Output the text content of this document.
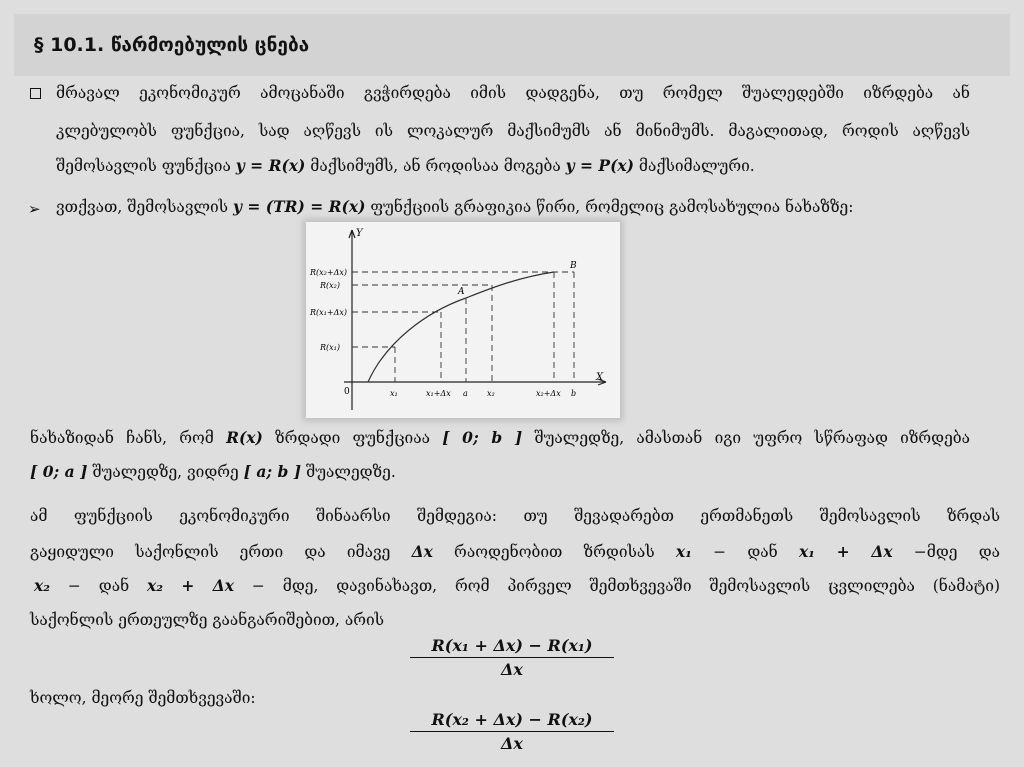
§ 10.1. წარმოებულის ცნება
მრავალ ეკონომიკურ ამოცანაში გვჭირდება იმის დადგენა, თუ რომელ შუალედებში იზრდება ან
კლებულობს ფუნქცია, სად აღწევს ის ლოკალურ მაქსიმუმს ან მინიმუმს. მაგალითად, როდის აღწევს
შემოსავლის ფუნქცია y = R(x) მაქსიმუმს, ან როდისაა მოგება y = P(x) მაქსიმალური.
➢ ვთქვათ, შემოსავლის y = (TR) = R(x) ფუნქციის გრაფიკია წირი, რომელიც გამოსახულია ნახაზზე:
Y
X
0
R(x₂+Δx)
R(x₂)
R(x₁+Δx)
R(x₁)
x₁	x₁+Δx a x₂	x₂+Δx b
A
B
ნახაზიდან ჩანს, რომ R(x) ზრდადი ფუნქციაა [ 0; b ] შუალედზე, ამასთან იგი უფრო სწრაფად იზრდება
[ 0; a ] შუალედზე, ვიდრე [ a; b ] შუალედზე.
ამ ფუნქციის ეკონომიკური შინაარსი შემდეგია: თუ შევადარებთ ერთმანეთს შემოსავლის ზრდას
გაყიდული საქონლის ერთი და იმავე Δx რაოდენობით ზრდისას x₁ − დან x₁ + Δx −მდე და
x₂ − დან x₂ + Δx − მდე, დავინახავთ, რომ პირველ შემთხვევაში შემოსავლის ცვლილება (ნამატი)
საქონლის ერთეულზე გაანგარიშებით, არის
$\frac{\text{R(x₁ + Δx) − R(x₁)}}{\Delta x}$
ხოლო, მეორე შემთხვევაში:
$\frac{\text{R(x₂ + Δx) − R(x₂)}}{\Delta x}$
